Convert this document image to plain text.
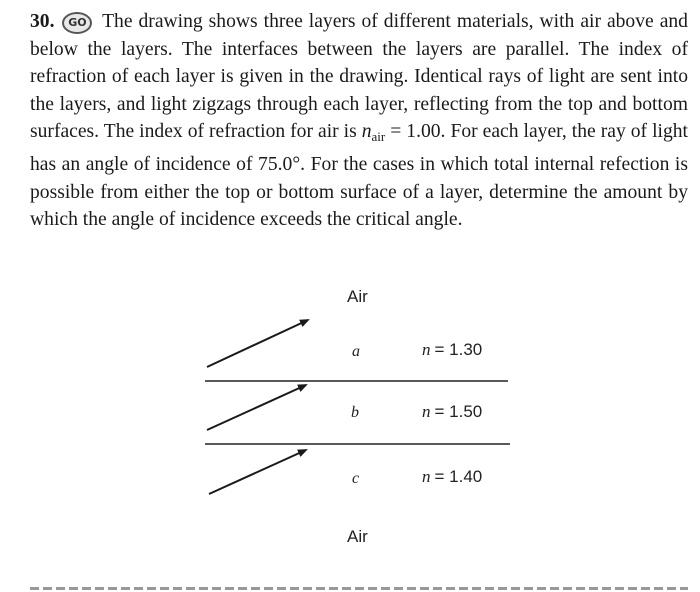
30. GO The drawing shows three layers of different materials, with air above and below the layers. The interfaces between the layers are parallel. The index of refraction of each layer is given in the drawing. Identical rays of light are sent into the layers, and light zigzags through each layer, reflecting from the top and bottom surfaces. The index of refraction for air is $n_{air} = 1.00$. For each layer, the ray of light has an angle of incidence of 75.0°. For the cases in which total internal refection is possible from either the top or bottom surface of a layer, determine the amount by which the angle of incidence exceeds the critical angle.
Air
a
b
c
n = 1.30
n = 1.50
n = 1.40
Air
